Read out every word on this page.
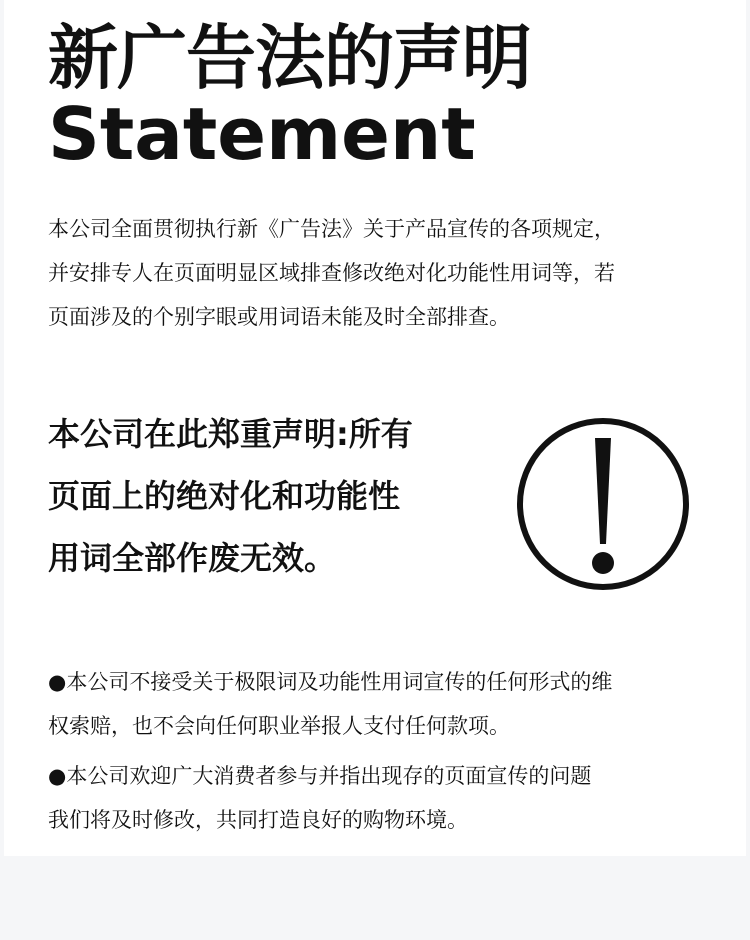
新广告法的声明
Statement

本公司全面贯彻执行新《广告法》关于产品宣传的各项规定，

并安排专人在页面明显区域排查修改绝对化功能性用词等，若

页面涉及的个别字眼或用词语未能及时全部排查。

本公司在此郑重声明:所有

页面上的绝对化和功能性

用词全部作废无效。

●本公司不接受关于极限词及功能性用词宣传的任何形式的维

权索赔，也不会向任何职业举报人支付任何款项。

●本公司欢迎广大消费者参与并指出现存的页面宣传的问题

我们将及时修改，共同打造良好的购物环境。
